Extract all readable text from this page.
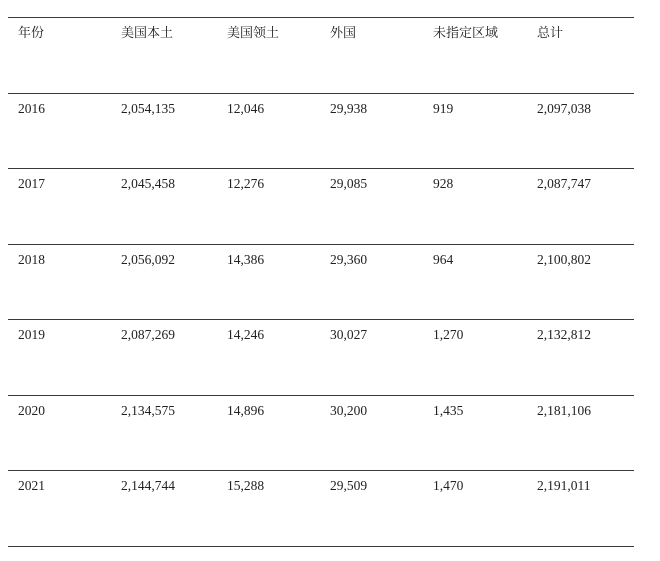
年份	美国本土	美国领土	外国	未指定区域	总计
2016	2,054,135	12,046	29,938	919	2,097,038
2017	2,045,458	12,276	29,085	928	2,087,747
2018	2,056,092	14,386	29,360	964	2,100,802
2019	2,087,269	14,246	30,027	1,270	2,132,812
2020	2,134,575	14,896	30,200	1,435	2,181,106
2021	2,144,744	15,288	29,509	1,470	2,191,011
